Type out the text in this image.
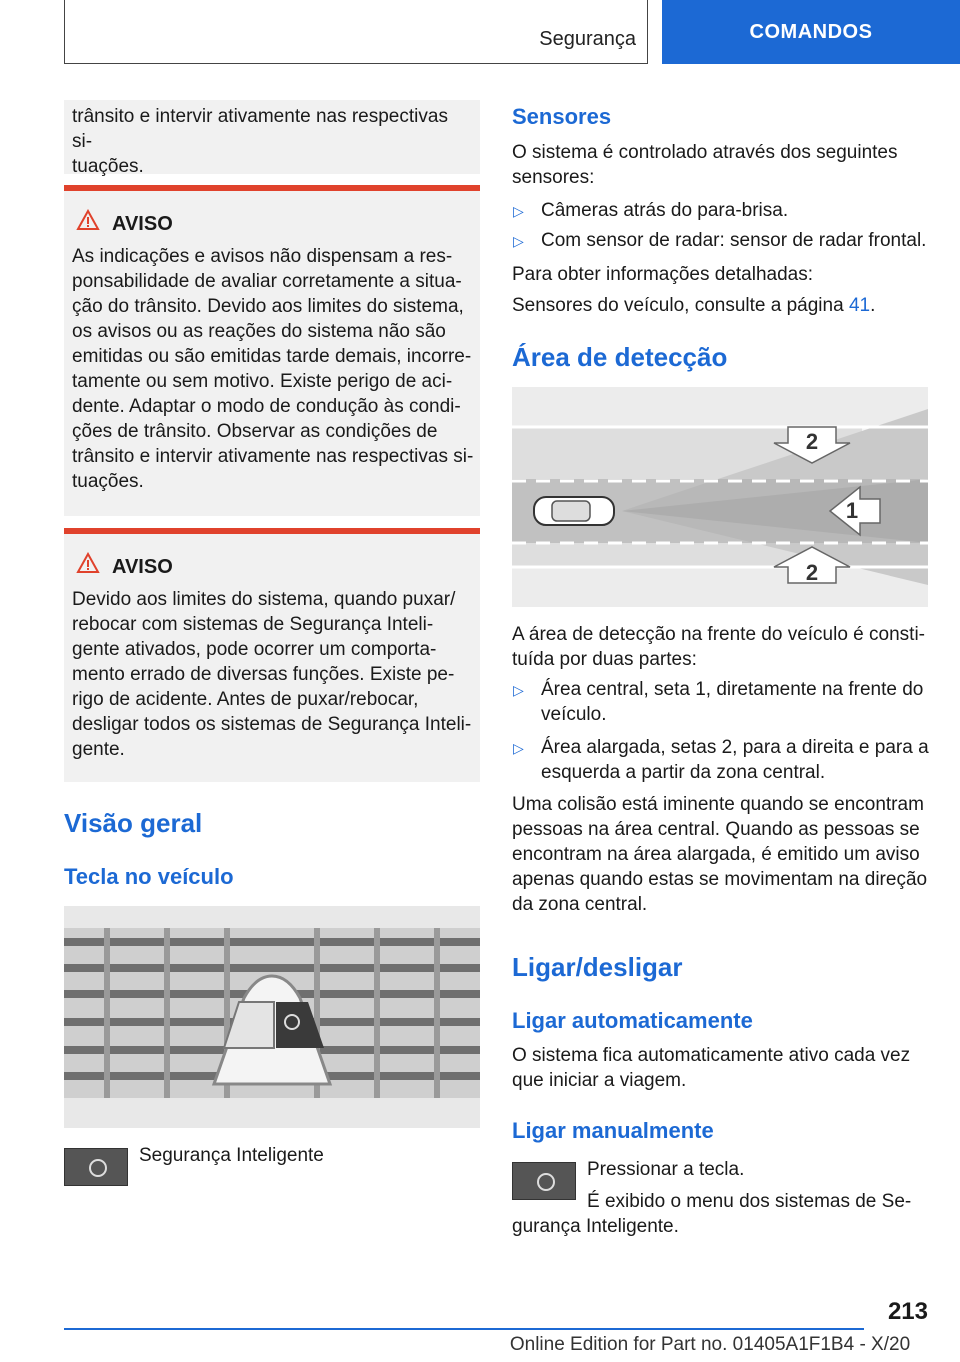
Segurança	COMANDOS
trânsito e intervir ativamente nas respectivas si-
tuações.
AVISO
As indicações e avisos não dispensam a res-
ponsabilidade de avaliar corretamente a situa-
ção do trânsito. Devido aos limites do sistema,
os avisos ou as reações do sistema não são
emitidas ou são emitidas tarde demais, incorre-
tamente ou sem motivo. Existe perigo de aci-
dente. Adaptar o modo de condução às condi-
ções de trânsito. Observar as condições de
trânsito e intervir ativamente nas respectivas si-
tuações.
AVISO
Devido aos limites do sistema, quando puxar/
rebocar com sistemas de Segurança Inteli-
gente ativados, pode ocorrer um comporta-
mento errado de diversas funções. Existe pe-
rigo de acidente. Antes de puxar/rebocar,
desligar todos os sistemas de Segurança Inteli-
gente.
Visão geral
Tecla no veículo
Segurança Inteligente
Sensores
O sistema é controlado através dos seguintes
sensores:
▷ Câmeras atrás do para-brisa.
▷ Com sensor de radar: sensor de radar frontal.
Para obter informações detalhadas:
Sensores do veículo, consulte a página 41.
Área de detecção
2
1
2
A área de detecção na frente do veículo é consti-
tuída por duas partes:
▷ Área central, seta 1, diretamente na frente do
veículo.
▷ Área alargada, setas 2, para a direita e para a
esquerda a partir da zona central.
Uma colisão está iminente quando se encontram
pessoas na área central. Quando as pessoas se
encontram na área alargada, é emitido um aviso
apenas quando estas se movimentam na direção
da zona central.
Ligar/desligar
Ligar automaticamente
O sistema fica automaticamente ativo cada vez
que iniciar a viagem.
Ligar manualmente
Pressionar a tecla.
É exibido o menu dos sistemas de Se-
gurança Inteligente.
213
Online Edition for Part no. 01405A1F1B4 - X/20
